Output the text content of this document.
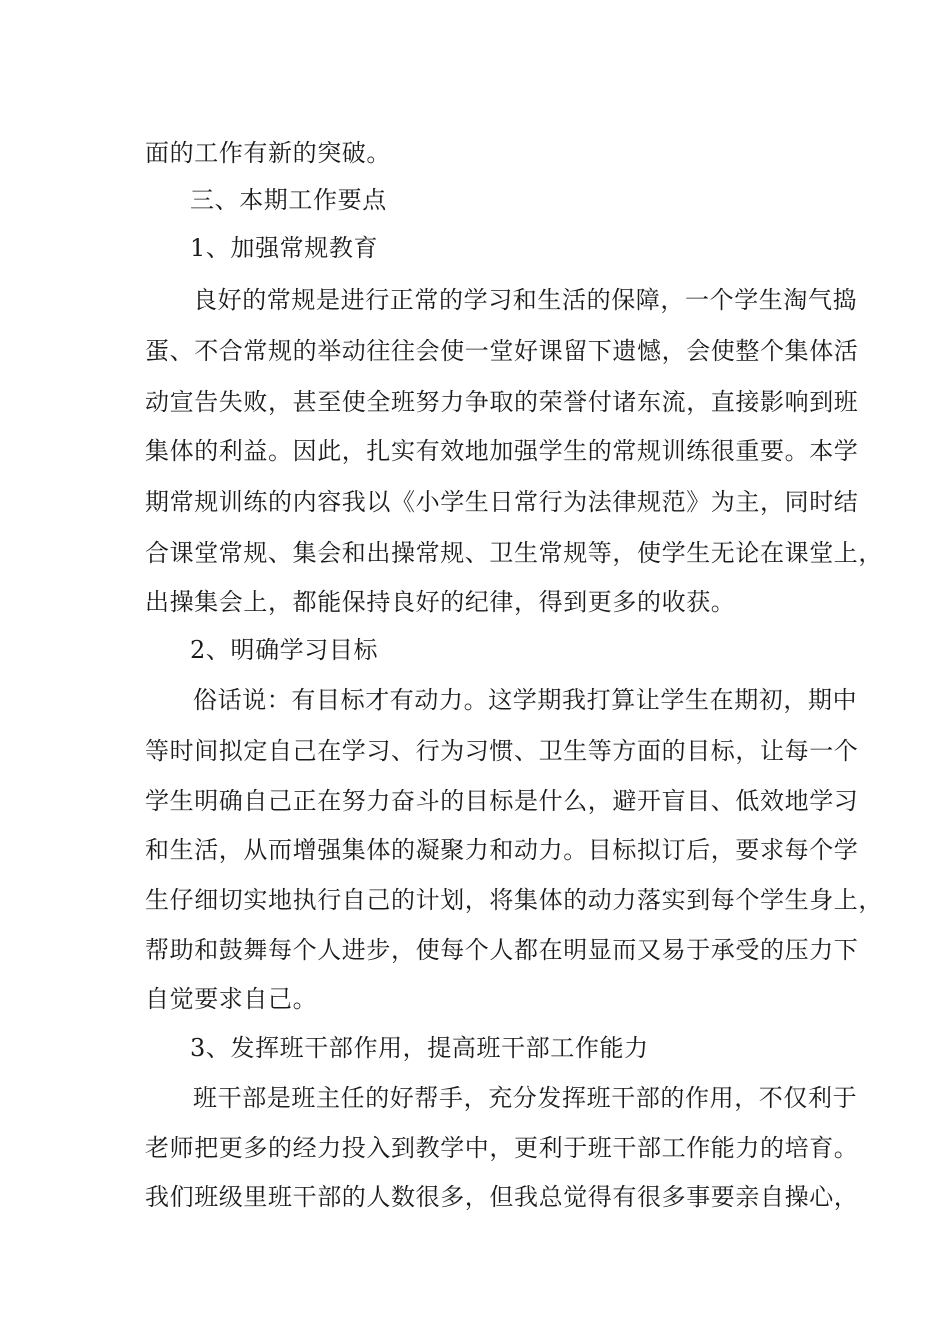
面的工作有新的突破。
三、本期工作要点
1、加强常规教育
良好的常规是进行正常的学习和生活的保障，一个学生淘气捣
蛋、不合常规的举动往往会使一堂好课留下遗憾，会使整个集体活
动宣告失败，甚至使全班努力争取的荣誉付诸东流，直接影响到班
集体的利益。因此，扎实有效地加强学生的常规训练很重要。本学
期常规训练的内容我以《小学生日常行为法律规范》为主，同时结
合课堂常规、集会和出操常规、卫生常规等，使学生无论在课堂上，
出操集会上，都能保持良好的纪律，得到更多的收获。
2、明确学习目标
俗话说：有目标才有动力。这学期我打算让学生在期初，期中
等时间拟定自己在学习、行为习惯、卫生等方面的目标，让每一个
学生明确自己正在努力奋斗的目标是什么，避开盲目、低效地学习
和生活，从而增强集体的凝聚力和动力。目标拟订后，要求每个学
生仔细切实地执行自己的计划，将集体的动力落实到每个学生身上，
帮助和鼓舞每个人进步，使每个人都在明显而又易于承受的压力下
自觉要求自己。
3、发挥班干部作用，提高班干部工作能力
班干部是班主任的好帮手，充分发挥班干部的作用，不仅利于
老师把更多的经力投入到教学中，更利于班干部工作能力的培育。
我们班级里班干部的人数很多，但我总觉得有很多事要亲自操心，
